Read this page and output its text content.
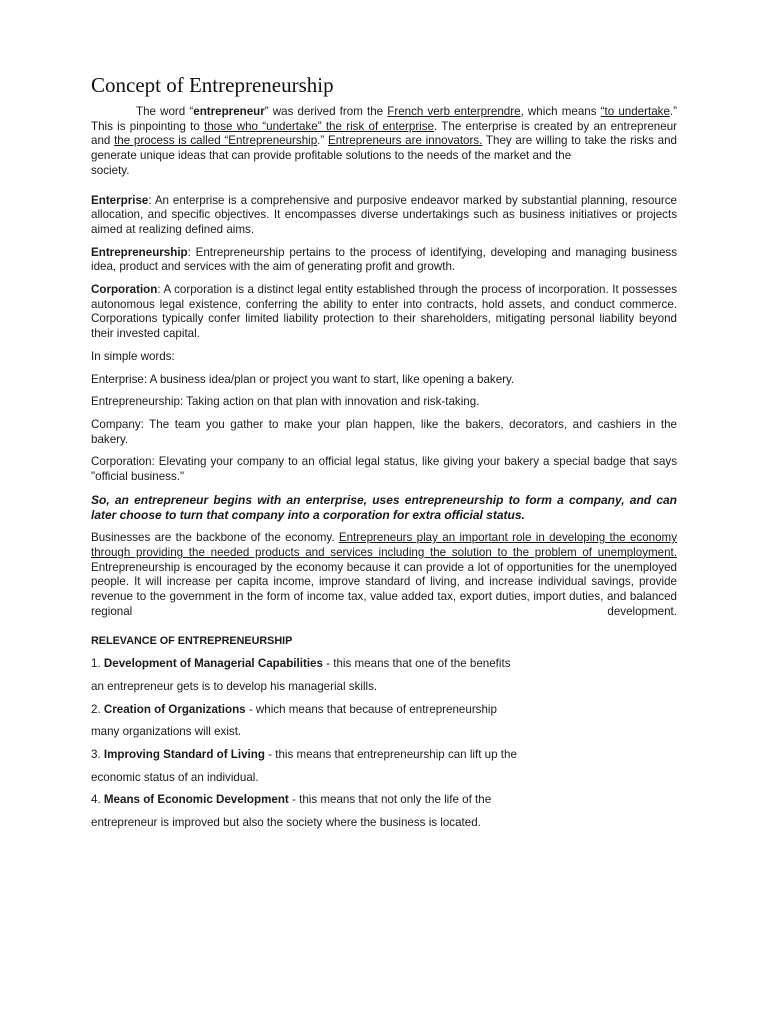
Concept of Entrepreneurship

The word “entrepreneur” was derived from the French verb enterprendre, which means “to undertake.” This is pinpointing to those who “undertake” the risk of enterprise. The enterprise is created by an entrepreneur and the process is called “Entrepreneurship.” Entrepreneurs are innovators. They are willing to take the risks and generate unique ideas that can provide profitable solutions to the needs of the market and the

society.

Enterprise: An enterprise is a comprehensive and purposive endeavor marked by substantial planning, resource allocation, and specific objectives. It encompasses diverse undertakings such as business initiatives or projects aimed at realizing defined aims.

Entrepreneurship: Entrepreneurship pertains to the process of identifying, developing and managing business idea, product and services with the aim of generating profit and growth.

Corporation: A corporation is a distinct legal entity established through the process of incorporation. It possesses autonomous legal existence, conferring the ability to enter into contracts, hold assets, and conduct commerce. Corporations typically confer limited liability protection to their shareholders, mitigating personal liability beyond their invested capital.

In simple words:

Enterprise: A business idea/plan or project you want to start, like opening a bakery.

Entrepreneurship: Taking action on that plan with innovation and risk-taking.

Company: The team you gather to make your plan happen, like the bakers, decorators, and cashiers in the bakery.

Corporation: Elevating your company to an official legal status, like giving your bakery a special badge that says "official business."

So, an entrepreneur begins with an enterprise, uses entrepreneurship to form a company, and can later choose to turn that company into a corporation for extra official status.

Businesses are the backbone of the economy. Entrepreneurs play an important role in developing the economy through providing the needed products and services including the solution to the problem of unemployment. Entrepreneurship is encouraged by the economy because it can provide a lot of opportunities for the unemployed people. It will increase per capita income, improve standard of living, and increase individual savings, provide revenue to the government in the form of income tax, value added tax, export duties, import duties, and balanced regional development.

RELEVANCE OF ENTREPRENEURSHIP

1. Development of Managerial Capabilities - this means that one of the benefits

an entrepreneur gets is to develop his managerial skills.

2. Creation of Organizations - which means that because of entrepreneurship

many organizations will exist.

3. Improving Standard of Living - this means that entrepreneurship can lift up the

economic status of an individual.

4. Means of Economic Development - this means that not only the life of the

entrepreneur is improved but also the society where the business is located.
